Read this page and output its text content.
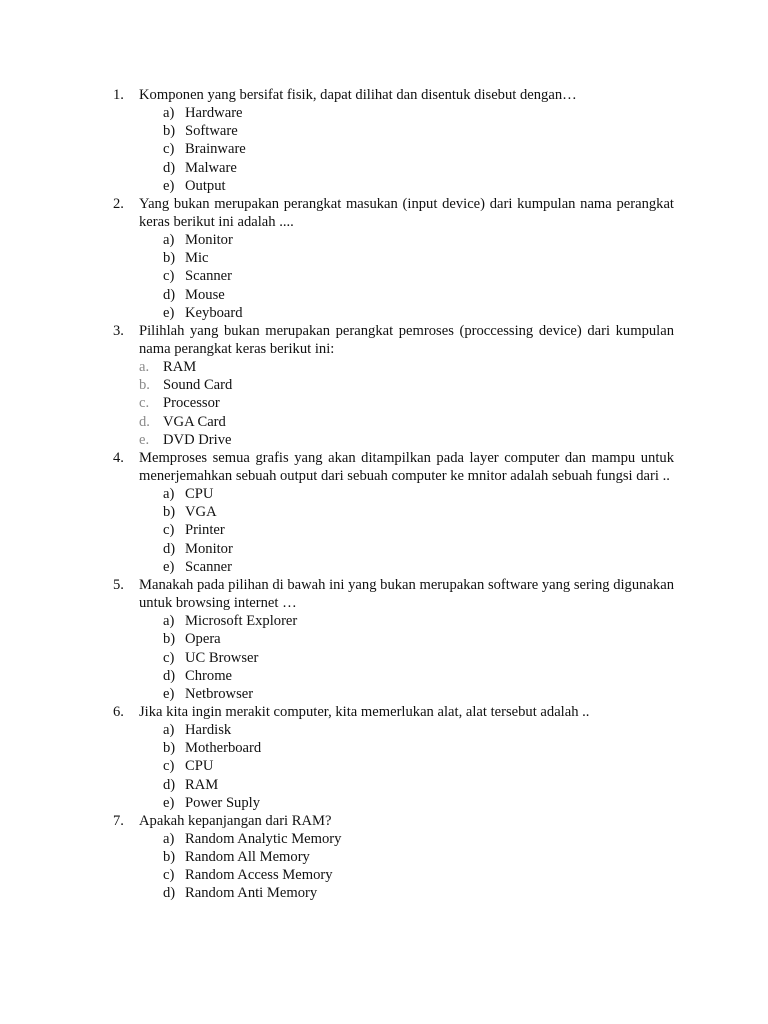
1.	Komponen yang bersifat fisik, dapat dilihat dan disentuk disebut dengan…
a) Hardware
b) Software
c) Brainware
d) Malware
e) Output
2.	Yang bukan merupakan perangkat masukan (input device) dari kumpulan nama perangkat keras berikut ini adalah ....
a) Monitor
b) Mic
c) Scanner
d) Mouse
e) Keyboard
3.	Pilihlah yang bukan merupakan perangkat pemroses (proccessing device) dari kumpulan nama perangkat keras berikut ini:
a. RAM
b. Sound Card
c. Processor
d. VGA Card
e. DVD Drive
4.	Memproses semua grafis yang akan ditampilkan pada layer computer dan mampu untuk menerjemahkan sebuah output dari sebuah computer ke mnitor adalah sebuah fungsi dari ..
a) CPU
b) VGA
c) Printer
d) Monitor
e) Scanner
5.	Manakah pada pilihan di bawah ini yang bukan merupakan software yang sering digunakan untuk browsing internet …
a) Microsoft Explorer
b) Opera
c) UC Browser
d) Chrome
e) Netbrowser
6.	Jika kita ingin merakit computer, kita memerlukan alat, alat tersebut adalah ..
a) Hardisk
b) Motherboard
c) CPU
d) RAM
e) Power Suply
7.	Apakah kepanjangan dari RAM?
a) Random Analytic Memory
b) Random All Memory
c) Random Access Memory
d) Random Anti Memory
